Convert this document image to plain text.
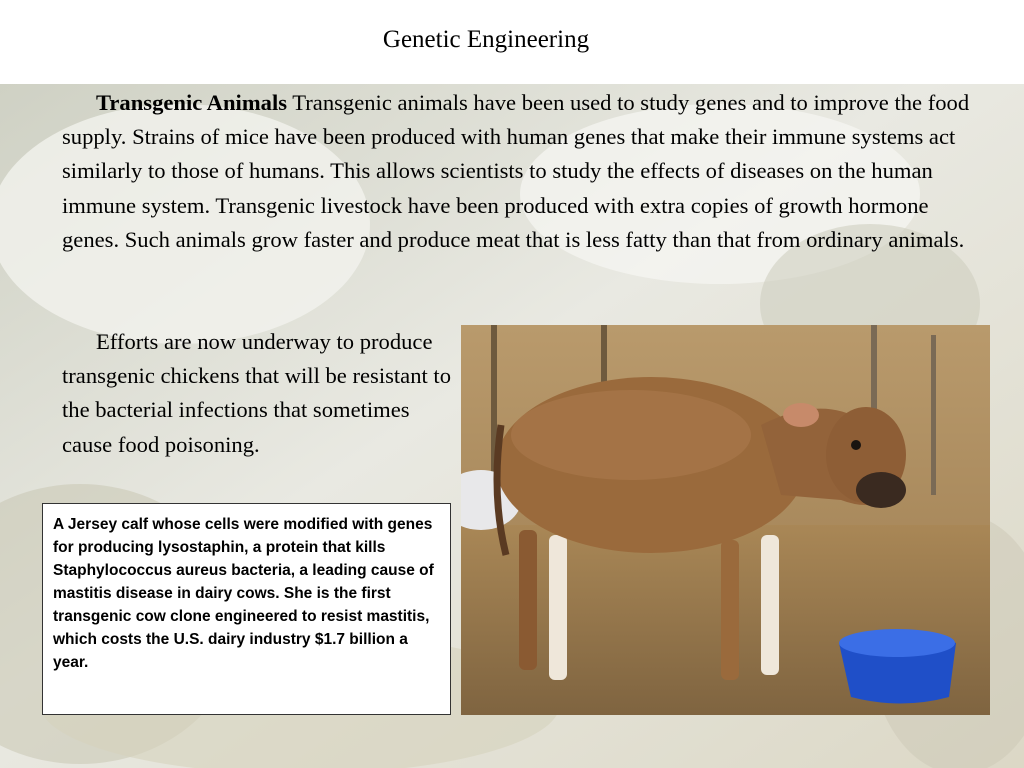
Genetic Engineering
Transgenic Animals Transgenic animals have been used to study genes and to improve the food supply. Strains of mice have been produced with human genes that make their immune systems act similarly to those of humans. This allows scientists to study the effects of diseases on the human immune system. Transgenic livestock have been produced with extra copies of growth hormone genes. Such animals grow faster and produce meat that is less fatty than that from ordinary animals.
Efforts are now underway to produce transgenic chickens that will be resistant to the bacterial infections that sometimes cause food poisoning.
A Jersey calf whose cells were modified with genes for producing lysostaphin, a protein that kills Staphylococcus aureus bacteria, a leading cause of mastitis disease in dairy cows. She is the first transgenic cow clone engineered to resist mastitis, which costs the U.S. dairy industry $1.7 billion a year.
